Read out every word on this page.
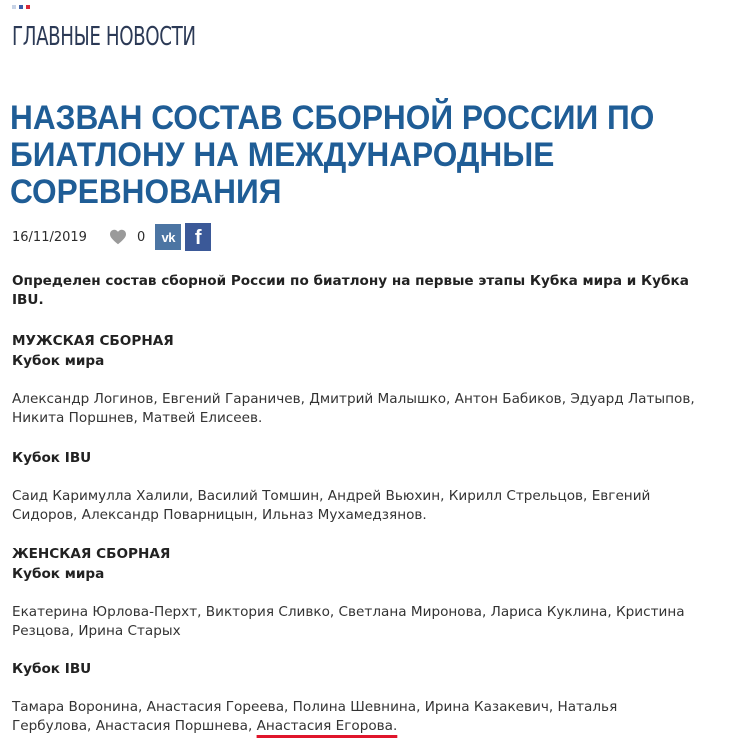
ГЛАВНЫЕ НОВОСТИ
НАЗВАН СОСТАВ СБОРНОЙ РОССИИ ПО
БИАТЛОНУ НА МЕЖДУНАРОДНЫЕ
СОРЕВНОВАНИЯ
16/11/2019	0 vk f

Определен состав сборной России по биатлону на первые этапы Кубка мира и Кубка IBU.

МУЖСКАЯ СБОРНАЯ
Кубок мира
Александр Логинов, Евгений Гараничев, Дмитрий Малышко, Антон Бабиков, Эдуард Латыпов, Никита Поршнев, Матвей Елисеев.
Кубок IBU
Саид Каримулла Халили, Василий Томшин, Андрей Вьюхин, Кирилл Стрельцов, Евгений Сидоров, Александр Поварницын, Ильназ Мухамедзянов.
ЖЕНСКАЯ СБОРНАЯ
Кубок мира
Екатерина Юрлова-Перхт, Виктория Сливко, Светлана Миронова, Лариса Куклина, Кристина Резцова, Ирина Старых
Кубок IBU
Тамара Воронина, Анастасия Гореева, Полина Шевнина, Ирина Казакевич, Наталья
Гербулова, Анастасия Поршнева, Анастасия Егорова.
